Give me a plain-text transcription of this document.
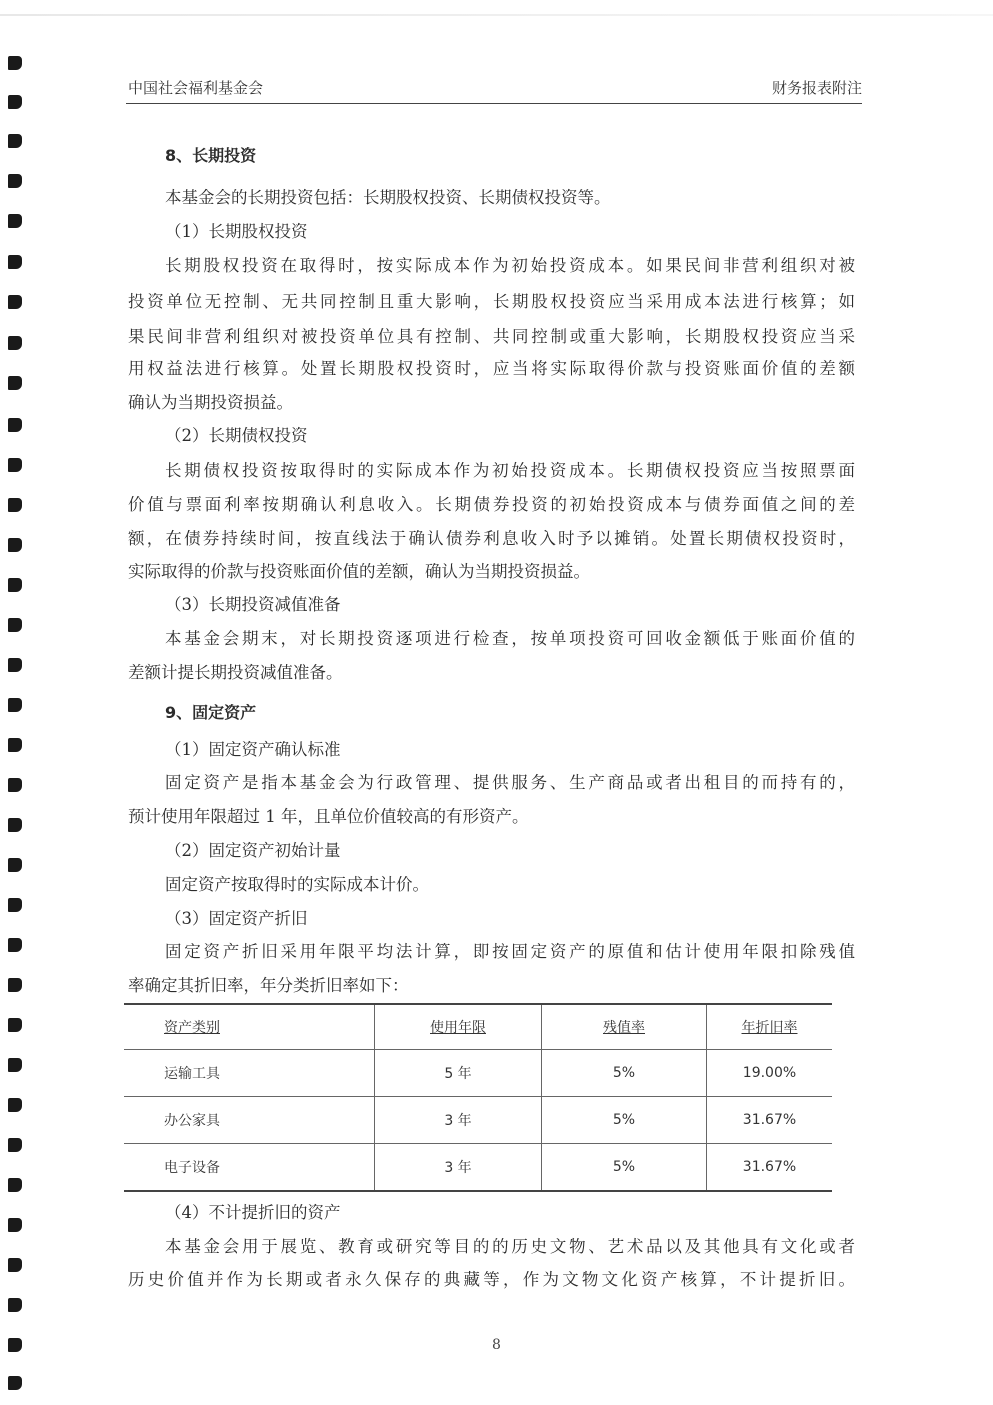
中国社会福利基金会	财务报表附注
8、长期投资
本基金会的长期投资包括：长期股权投资、长期债权投资等。
（1）长期股权投资
长期股权投资在取得时，按实际成本作为初始投资成本。如果民间非营利组织对被
投资单位无控制、无共同控制且重大影响，长期股权投资应当采用成本法进行核算；如
果民间非营利组织对被投资单位具有控制、共同控制或重大影响，长期股权投资应当采
用权益法进行核算。处置长期股权投资时，应当将实际取得价款与投资账面价值的差额
确认为当期投资损益。
（2）长期债权投资
长期债权投资按取得时的实际成本作为初始投资成本。长期债权投资应当按照票面
价值与票面利率按期确认利息收入。长期债券投资的初始投资成本与债券面值之间的差
额，在债券持续时间，按直线法于确认债券利息收入时予以摊销。处置长期债权投资时，
实际取得的价款与投资账面价值的差额，确认为当期投资损益。
（3）长期投资减值准备
本基金会期末，对长期投资逐项进行检查，按单项投资可回收金额低于账面价值的
差额计提长期投资减值准备。
9、固定资产
（1）固定资产确认标准
固定资产是指本基金会为行政管理、提供服务、生产商品或者出租目的而持有的，
预计使用年限超过 1 年，且单位价值较高的有形资产。
（2）固定资产初始计量
固定资产按取得时的实际成本计价。
（3）固定资产折旧
固定资产折旧采用年限平均法计算，即按固定资产的原值和估计使用年限扣除残值
率确定其折旧率，年分类折旧率如下：
资产类别	使用年限	残值率	年折旧率
运输工具	5 年	5%	19.00%
办公家具	3 年	5%	31.67%
电子设备	3 年	5%	31.67%
（4）不计提折旧的资产
本基金会用于展览、教育或研究等目的的历史文物、艺术品以及其他具有文化或者
历史价值并作为长期或者永久保存的典藏等，作为文物文化资产核算，不计提折旧。
8
